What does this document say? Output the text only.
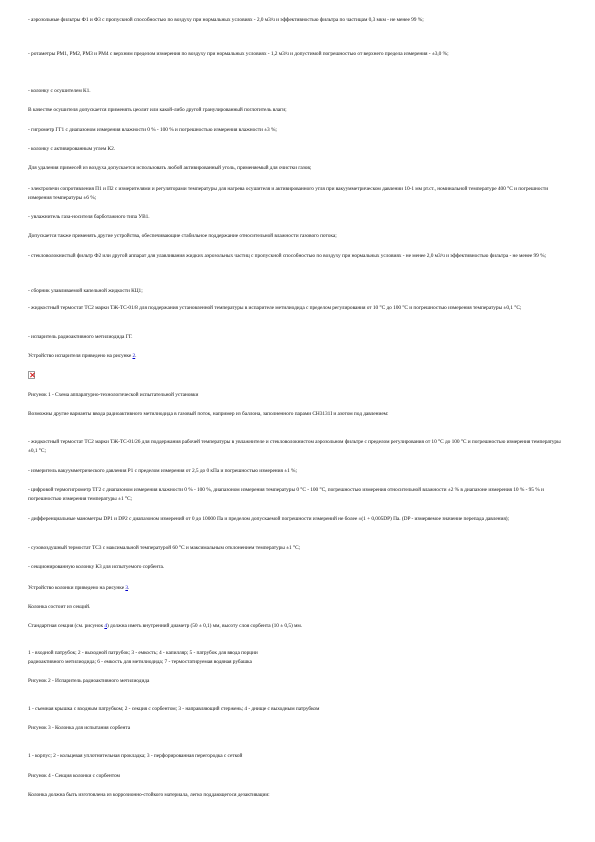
- аэрозольные фильтры Ф1 и Ф3 с пропускной способностью по воздуху при нормальных условиях - 2,0 м3/ч и эффективностью фильтра по частицам 0,3 мкм - не менее 99 %;

- ротаметры РМ1, РМ2, РМ3 и РМ4 с верхним пределом измерения по воздуху при нормальных условиях - 1,2 м3/ч и допустимой погрешностью от верхнего предела измерения - ±3,0 %;

- колонку с осушителем К1.

В качестве осушителя допускается применять цеолит или какой-либо другой гранулированный поглотитель влаги;

- гигрометр ГГ1 с диапазоном измерения влажности 0 % - 100 % и погрешностью измерения влажности ±3 %;

- колонку с активированным углем К2.

Для удаления примесей из воздуха допускается использовать любой активированный уголь, применяемый для очистки газов;

- электропечи сопротивления П1 и П2 с измерителями и регуляторами температуры для нагрева осушителя и активированного угля при вакуумметрическом давлении 10-1 мм рт.ст., номинальной температуре 400 °С и погрешности измерения температуры ±6 %;

- увлажнитель газа-носителя барботажного типа УВ1.

Допускается также применять другие устройства, обеспечивающие стабильное поддержание относительной влажности газового потока;

- стекловолокнистый фильтр Ф2 или другой аппарат для улавливания жидких аэрозольных частиц с пропускной способностью по воздуху при нормальных условиях - не менее 2,0 м3/ч и эффективностью фильтра - не менее 99 %;

- сборник улавливаемой капельной жидкости КЦ1;

- жидкостный термостат ТС2 марки ТЖ-ТС-01/8 для поддержания установленной температуры в испарителе метилиодида с пределом регулирования от 10 °С до 100 °С и погрешностью измерения температуры ±0,1 °С;

- испаритель радиоактивного метилиодида ГГ.

Устройство испарителя приведено на рисунке 2.

Рисунок 1 - Схема аппаратурно-технологической испытательной установки

Возможны другие варианты ввода радиоактивного метилиодида в газовый поток, например из баллона, заполненного парами CH3131I и азотом под давлением:

- жидкостный термостат ТС2 марки ТЖ-ТС-01/26 для поддержания рабочей температуры в увлажнителе и стекловолокнистом аэрозольном фильтре с пределом регулирования от 10 °С до 100 °С и погрешностью измерения температуры ±0,1 °С;

- измеритель вакуумметрического давления Р1 с пределом измерения от 2,5 до 0 кПа и погрешностью измерения ±1 %;

- цифровой термогигрометр ТГ2 с диапазоном измерения влажности 0 % - 100 %, диапазоном измерения температуры 0 °С - 100 °С, погрешностью измерения относительной влажности ±2 % в диапазоне измерения 10 % - 95 % и погрешностью измерения температуры ±1 °С;

- дифференциальные манометры DP1 и DP2 с диапазоном измерений от 0 до 10000 Па и пределом допускаемой погрешности измерений не более ±(1 + 0,005DP) Па. (DP - измеряемое значение перепада давления);

- суховоздушный термостат ТС3 с максимальной температурой 60 °С и максимальным отклонением температуры ±1 °С;

- секционированную колонку К3 для испытуемого сорбента.

Устройство колонки приведено на рисунке 3.

Колонка состоит из секций.

Стандартная секция (см. рисунок 4) должна иметь внутренний диаметр (50 ± 0,1) мм, высоту слоя сорбента (10 ± 0,5) мм.

1 - входной патрубок; 2 - выходной патрубок; 3 - емкость; 4 - капилляр; 5 - патрубок для ввода порции

радиоактивного метилиодида; 6 - емкость для метилиодида; 7 - термостатируемая водяная рубашка

Рисунок 2 - Испаритель радиоактивного метилиодида

1 - съемная крышка с входным патрубком; 2 - секция с сорбентом; 3 - направляющий стержень; 4 - днище с выходным патрубком

Рисунок 3 - Колонка для испытания сорбента

1 - корпус; 2 - кольцевая уплотнительная прокладка; 3 - перфорированная перегородка с сеткой

Рисунок 4 - Секция колонки с сорбентом

Колонка должна быть изготовлена из коррозионно-стойкого материала, легко поддающегося дезактивации:
